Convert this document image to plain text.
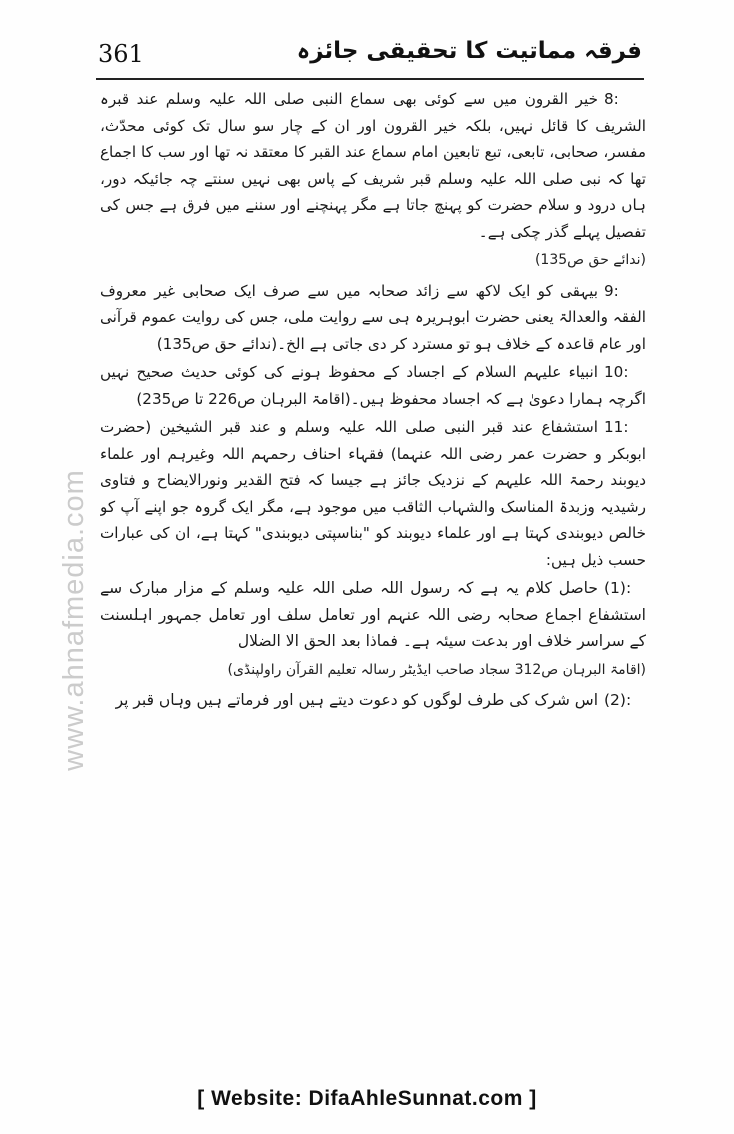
361	فرقہ مماتیت کا تحقیقی جائزہ
www.ahnafmedia.com

8:خیر القرون میں سے کوئی بھی سماع النبی صلی اللہ علیہ وسلم عند قبرہ الشریف کا قائل نہیں، بلکہ خیر القرون اور ان کے چار سو سال تک کوئی محدّث، مفسر، صحابی، تابعی، تبع تابعین امام سماع عند القبر کا معتقد نہ تھا اور سب کا اجماع تھا کہ نبی صلی اللہ علیہ وسلم قبر شریف کے پاس بھی نہیں سنتے چہ جائیکہ دور، ہاں درود و سلام حضرت کو پہنچ جاتا ہے مگر پہنچنے اور سننے میں فرق ہے جس کی تفصیل پہلے گذر چکی ہے۔

(ندائے حق ص135)

9:بیہقی کو ایک لاکھ سے زائد صحابہ میں سے صرف ایک صحابی غیر معروف الفقہ والعدالۃ یعنی حضرت ابوہریرہ ہی سے روایت ملی، جس کی روایت عموم قرآنی اور عام قاعدہ کے خلاف ہو تو مسترد کر دی جاتی ہے الخ۔(ندائے حق ص135)

10:انبیاء علیہم السلام کے اجساد کے محفوظ ہونے کی کوئی حدیث صحیح نہیں اگرچہ ہمارا دعویٰ ہے کہ اجساد محفوظ ہیں۔(اقامۃ البرہان ص226 تا ص235)

11:استشفاع عند قبر النبی صلی اللہ علیہ وسلم و عند قبر الشیخین (حضرت ابوبکر و حضرت عمر رضی اللہ عنہما) فقہاء احناف رحمہم اللہ وغیرہم اور علماء دیوبند رحمۃ اللہ علیہم کے نزدیک جائز ہے جیسا کہ فتح القدیر ونورالایضاح و فتاوی رشیدیہ وزبدۃ المناسک والشہاب الثاقب میں موجود ہے، مگر ایک گروہ جو اپنے آپ کو خالص دیوبندی کہتا ہے اور علماء دیوبند کو "بناسپتی دیوبندی" کہتا ہے، ان کی عبارات حسب ذیل ہیں:

(1):حاصل کلام یہ ہے کہ رسول اللہ صلی اللہ علیہ وسلم کے مزار مبارک سے استشفاع اجماع صحابہ رضی اللہ عنہم اور تعامل سلف اور تعامل جمہور اہلسنت کے سراسر خلاف اور بدعت سیئہ ہے۔ فماذا بعد الحق الا الضلال

(اقامۃ البرہان ص312 سجاد صاحب ایڈیٹر رسالہ تعلیم القرآن راولپنڈی)

(2):اس شرک کی طرف لوگوں کو دعوت دیتے ہیں اور فرماتے ہیں وہاں قبر پر

[ Website: DifaAhleSunnat.com ]
